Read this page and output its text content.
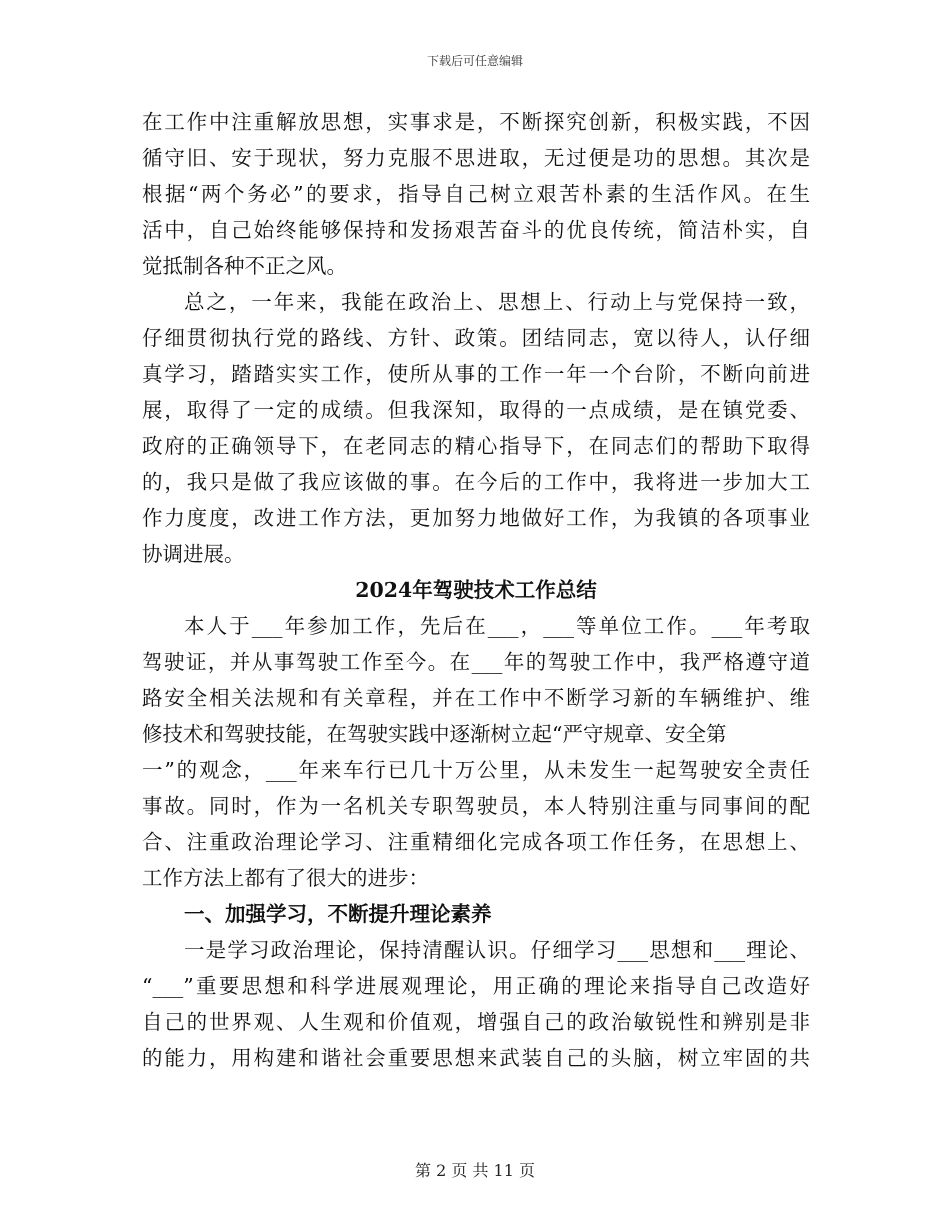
下载后可任意编辑
在工作中注重解放思想，实事求是，不断探究创新，积极实践，不因
循守旧、安于现状，努力克服不思进取，无过便是功的思想。其次是
根据“两个务必”的要求，指导自己树立艰苦朴素的生活作风。在生
活中，自己始终能够保持和发扬艰苦奋斗的优良传统，简洁朴实，自
觉抵制各种不正之风。
总之，一年来，我能在政治上、思想上、行动上与党保持一致，
仔细贯彻执行党的路线、方针、政策。团结同志，宽以待人，认仔细
真学习，踏踏实实工作，使所从事的工作一年一个台阶，不断向前进
展，取得了一定的成绩。但我深知，取得的一点成绩，是在镇党委、
政府的正确领导下，在老同志的精心指导下，在同志们的帮助下取得
的，我只是做了我应该做的事。在今后的工作中，我将进一步加大工
作力度度，改进工作方法，更加努力地做好工作，为我镇的各项事业
协调进展。
2024年驾驶技术工作总结
本人于___年参加工作，先后在___，___等单位工作。___年考取
驾驶证，并从事驾驶工作至今。在___年的驾驶工作中，我严格遵守道
路安全相关法规和有关章程，并在工作中不断学习新的车辆维护、维
修技术和驾驶技能，在驾驶实践中逐渐树立起“严守规章、安全第
一”的观念，___年来车行已几十万公里，从未发生一起驾驶安全责任
事故。同时，作为一名机关专职驾驶员，本人特别注重与同事间的配
合、注重政治理论学习、注重精细化完成各项工作任务，在思想上、
工作方法上都有了很大的进步：
一、加强学习，不断提升理论素养
一是学习政治理论，保持清醒认识。仔细学习___思想和___理论、
“___”重要思想和科学进展观理论，用正确的理论来指导自己改造好
自己的世界观、人生观和价值观，增强自己的政治敏锐性和辨别是非
的能力，用构建和谐社会重要思想来武装自己的头脑，树立牢固的共
第 2 页 共 11 页
